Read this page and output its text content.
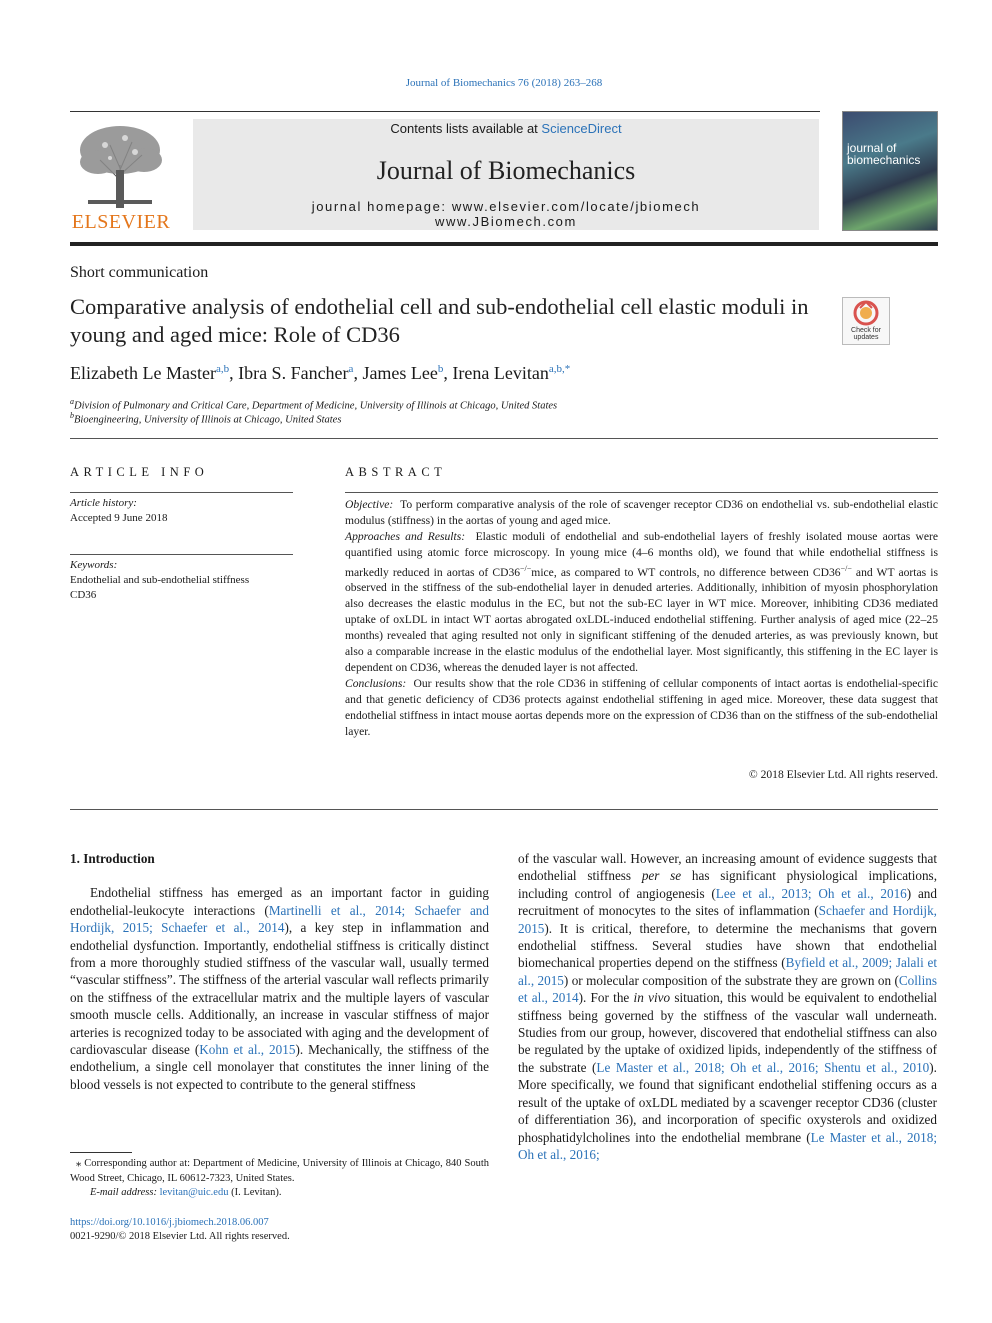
Journal of Biomechanics 76 (2018) 263–268
ELSEVIER
Contents lists available at ScienceDirect
Journal of Biomechanics
journal homepage: www.elsevier.com/locate/jbiomech
www.JBiomech.com
journal of biomechanics
Short communication
Comparative analysis of endothelial cell and sub-endothelial cell elastic moduli in young and aged mice: Role of CD36	Check for updates
Elizabeth Le Master$^{a,b}$, Ibra S. Fancher$^a$, James Lee$^b$, Irena Levitan$^{a,b,*}$
$^a$Division of Pulmonary and Critical Care, Department of Medicine, University of Illinois at Chicago, United States
$^b$Bioengineering, University of Illinois at Chicago, United States
ARTICLE INFO
Article history:
Accepted 9 June 2018
Keywords:
Endothelial and sub-endothelial stiffness
CD36
ABSTRACT

Objective: To perform comparative analysis of the role of scavenger receptor CD36 on endothelial vs. sub-endothelial elastic modulus (stiffness) in the aortas of young and aged mice.

Approaches and Results: Elastic moduli of endothelial and sub-endothelial layers of freshly isolated mouse aortas were quantified using atomic force microscopy. In young mice (4–6 months old), we found that while endothelial stiffness is markedly reduced in aortas of CD36−/−mice, as compared to WT controls, no difference between CD36−/− and WT aortas is observed in the stiffness of the sub-endothelial layer in denuded arteries. Additionally, inhibition of myosin phosphorylation also decreases the elastic modulus in the EC, but not the sub-EC layer in WT mice. Moreover, inhibiting CD36 mediated uptake of oxLDL in intact WT aortas abrogated oxLDL-induced endothelial stiffening. Further analysis of aged mice (22–25 months) revealed that aging resulted not only in significant stiffening of the denuded arteries, as was previously known, but also a comparable increase in the elastic modulus of the endothelial layer. Most significantly, this stiffening in the EC layer is dependent on CD36, whereas the denuded layer is not affected.

Conclusions: Our results show that the role CD36 in stiffening of cellular components of intact aortas is endothelial-specific and that genetic deficiency of CD36 protects against endothelial stiffening in aged mice. Moreover, these data suggest that endothelial stiffness in intact mouse aortas depends more on the expression of CD36 than on the stiffness of the sub-endothelial layer.

© 2018 Elsevier Ltd. All rights reserved.

1. Introduction

Endothelial stiffness has emerged as an important factor in guiding endothelial-leukocyte interactions (Martinelli et al., 2014; Schaefer and Hordijk, 2015; Schaefer et al., 2014), a key step in inflammation and endothelial dysfunction. Importantly, endothelial stiffness is critically distinct from a more thoroughly studied stiffness of the vascular wall, usually termed “vascular stiffness”. The stiffness of the arterial vascular wall reflects primarily on the stiffness of the extracellular matrix and the multiple layers of vascular smooth muscle cells. Additionally, an increase in vascular stiffness of major arteries is recognized today to be associated with aging and the development of cardiovascular disease (Kohn et al., 2015). Mechanically, the stiffness of the endothelium, a single cell monolayer that constitutes the inner lining of the blood vessels is not expected to contribute to the general stiffness

of the vascular wall. However, an increasing amount of evidence suggests that endothelial stiffness per se has significant physiological implications, including control of angiogenesis (Lee et al., 2013; Oh et al., 2016) and recruitment of monocytes to the sites of inflammation (Schaefer and Hordijk, 2015). It is critical, therefore, to determine the mechanisms that govern endothelial stiffness. Several studies have shown that endothelial biomechanical properties depend on the stiffness (Byfield et al., 2009; Jalali et al., 2015) or molecular composition of the substrate they are grown on (Collins et al., 2014). For the in vivo situation, this would be equivalent to endothelial stiffness being governed by the stiffness of the vascular wall underneath. Studies from our group, however, discovered that endothelial stiffness can also be regulated by the uptake of oxidized lipids, independently of the stiffness of the substrate (Le Master et al., 2018; Oh et al., 2016; Shentu et al., 2010). More specifically, we found that significant endothelial stiffening occurs as a result of the uptake of oxLDL mediated by a scavenger receptor CD36 (cluster of differentiation 36), and incorporation of specific oxysterols and oxidized phosphatidylcholines into the endothelial membrane (Le Master et al., 2018; Oh et al., 2016;

⁎ Corresponding author at: Department of Medicine, University of Illinois at Chicago, 840 South Wood Street, Chicago, IL 60612-7323, United States.

E-mail address: levitan@uic.edu (I. Levitan).

https://doi.org/10.1016/j.jbiomech.2018.06.007
0021-9290/© 2018 Elsevier Ltd. All rights reserved.
